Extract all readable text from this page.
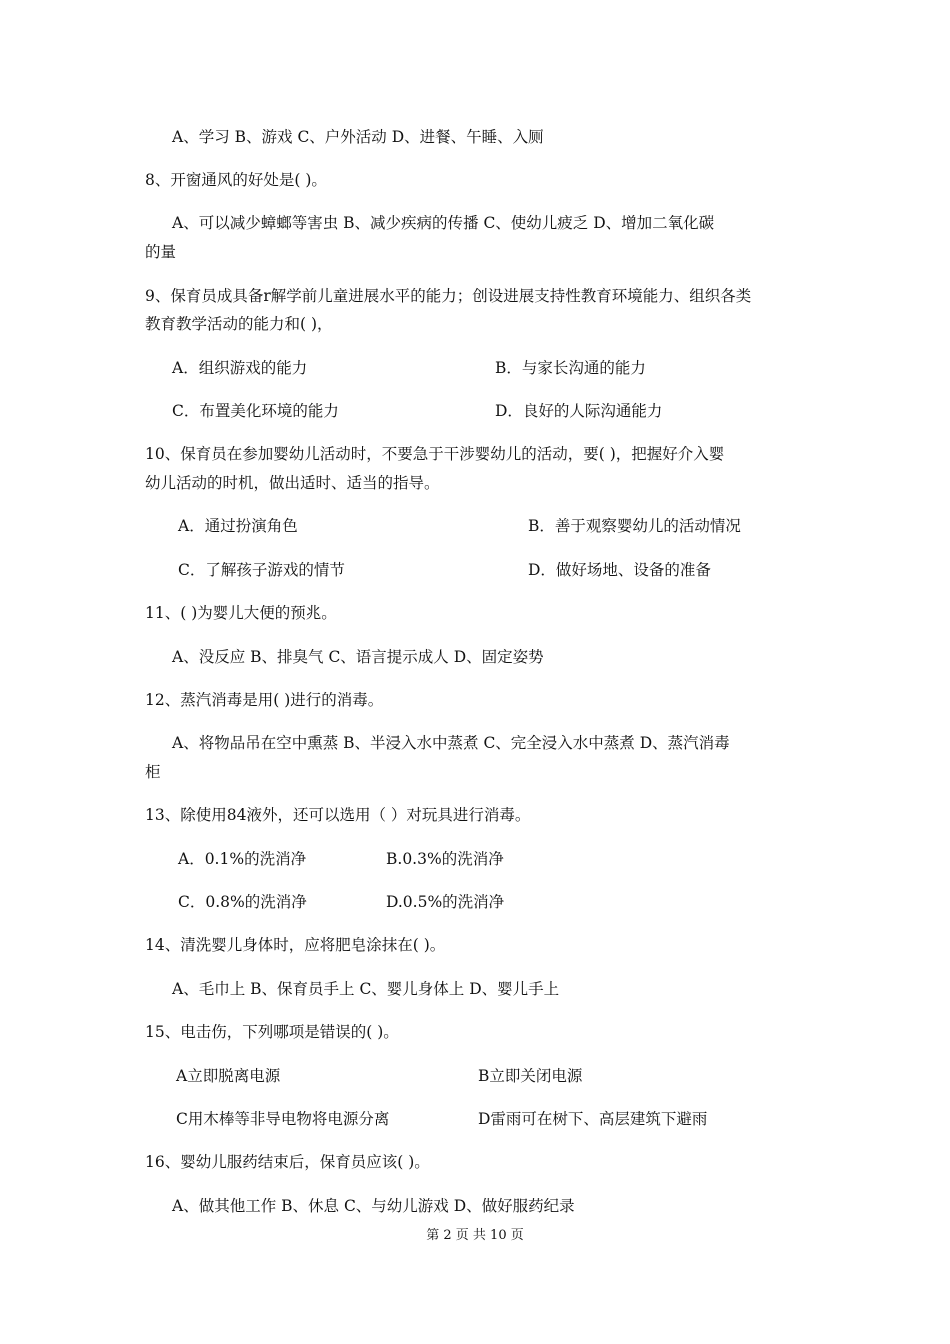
A、学习 B、游戏 C、户外活动 D、进餐、午睡、入厕
8、开窗通风的好处是( )。
A、可以减少蟑螂等害虫 B、减少疾病的传播 C、使幼儿疲乏 D、增加二氧化碳
的量
9、保育员成具备r解学前儿童进展水平的能力；创设进展支持性教育环境能力、组织各类
教育教学活动的能力和( )，
A．组织游戏的能力	B．与家长沟通的能力
C．布置美化环境的能力	D．良好的人际沟通能力
10、保育员在参加婴幼儿活动时，不要急于干涉婴幼儿的活动，要( )，把握好介入婴
幼儿活动的时机，做出适时、适当的指导。
A．通过扮演角色	B．善于观察婴幼儿的活动情况
C．了解孩子游戏的情节	D．做好场地、设备的准备
11、( )为婴儿大便的预兆。
A、没反应 B、排臭气 C、语言提示成人 D、固定姿势
12、蒸汽消毒是用( )进行的消毒。
A、将物品吊在空中熏蒸 B、半浸入水中蒸煮 C、完全浸入水中蒸煮 D、蒸汽消毒
柜
13、除使用84液外，还可以选用（ ）对玩具进行消毒。
A．0.1%的洗消净	B.0.3%的洗消净
C．0.8%的洗消净	D.0.5%的洗消净
14、清洗婴儿身体时，应将肥皂涂抹在( )。
A、毛巾上 B、保育员手上 C、婴儿身体上 D、婴儿手上
15、电击伤，下列哪项是错误的( )。
A立即脱离电源	B立即关闭电源
C用木棒等非导电物将电源分离	D雷雨可在树下、高层建筑下避雨
16、婴幼儿服药结束后，保育员应该( )。
A、做其他工作 B、休息 C、与幼儿游戏 D、做好服药纪录
第 2 页 共 10 页
